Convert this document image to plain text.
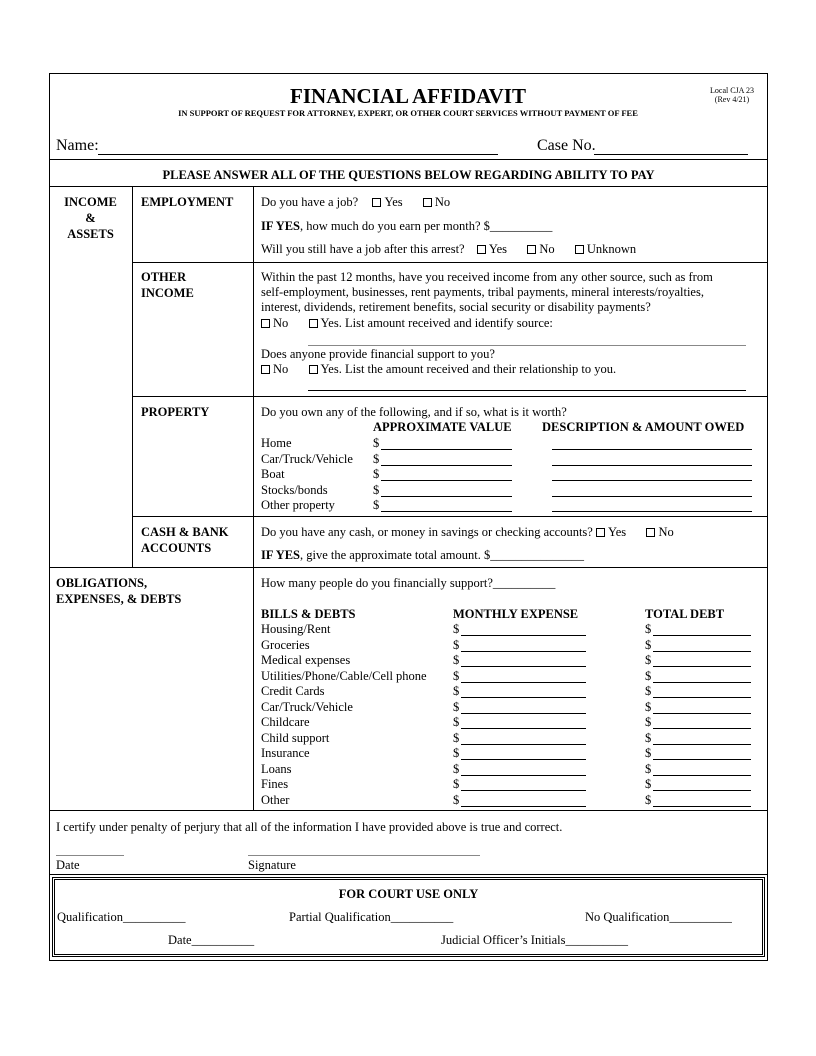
FINANCIAL AFFIDAVIT	Local CJA 23
(Rev 4/21)
IN SUPPORT OF REQUEST FOR ATTORNEY, EXPERT, OR OTHER COURT SERVICES WITHOUT PAYMENT OF FEE
Name:	Case No.
PLEASE ANSWER ALL OF THE QUESTIONS BELOW REGARDING ABILITY TO PAY
INCOME
&
ASSETS
EMPLOYMENT Do you have a job? Yes	No
IF YES, how much do you earn per month? $__________
Will you still have a job after this arrest? Yes	No	Unknown
OTHER
INCOME
Within the past 12 months, have you received income from any other source, such as from
self-employment, businesses, rent payments, tribal payments, mineral interests/royalties,
interest, dividends, retirement benefits, social security or disability payments?
No	Yes. List amount received and identify source:
Does anyone provide financial support to you?
No	Yes. List the amount received and their relationship to you.
PROPERTY	Do you own any of the following, and if so, what is it worth?
APPROXIMATE VALUE DESCRIPTION & AMOUNT OWED
Home	$
Car/Truck/Vehicle $
Boat	$
Stocks/bonds	$
Other property	$
CASH & BANK
ACCOUNTS
Do you have any cash, or money in savings or checking accounts? Yes	No
IF YES, give the approximate total amount. $_______________
OBLIGATIONS,
EXPENSES, & DEBTS
How many people do you financially support?__________
BILLS & DEBTS	MONTHLY EXPENSE	TOTAL DEBT
Housing/Rent	$	$
Groceries	$	$
Medical expenses	$	$
Utilities/Phone/Cable/Cell phone $	$
Credit Cards	$	$
Car/Truck/Vehicle	$	$
Childcare	$	$
Child support	$	$
Insurance	$	$
Loans	$	$
Fines	$	$
Other	$	$
I certify under penalty of perjury that all of the information I have provided above is true and correct.
Date	Signature
FOR COURT USE ONLY
Qualification__________	Partial Qualification__________	No Qualification__________
Date__________	Judicial Officer’s Initials__________
